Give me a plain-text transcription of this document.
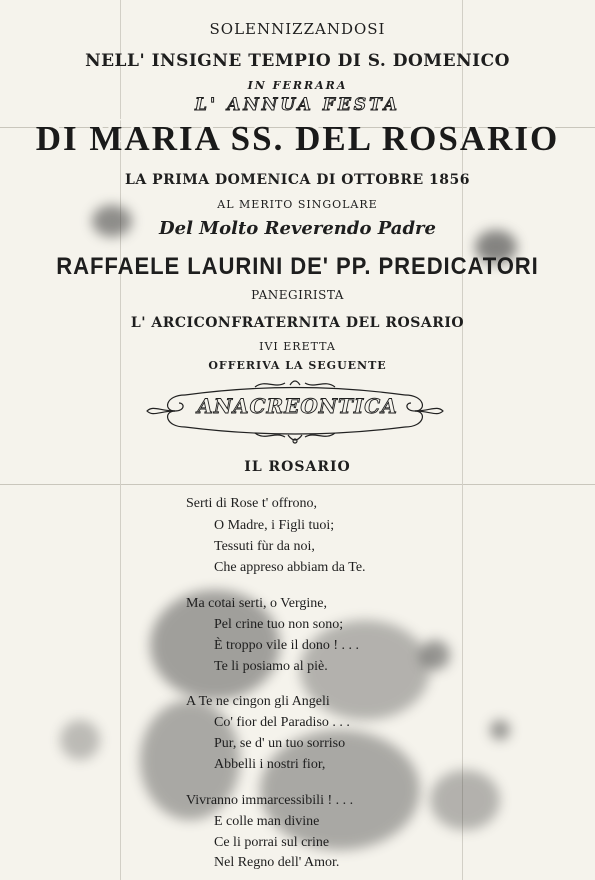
SOLENNIZZANDOSI
NELL' INSIGNE TEMPIO DI S. DOMENICO
IN FERRARA
L' ANNUA FESTA
DI MARIA SS. DEL ROSARIO
LA PRIMA DOMENICA DI OTTOBRE 1856
AL MERITO SINGOLARE
Del Molto Reverendo Padre
RAFFAELE LAURINI DE' PP. PREDICATORI
PANEGIRISTA
L' ARCICONFRATERNITA DEL ROSARIO
IVI ERETTA
OFFERIVA LA SEGUENTE
ANACREONTICA
IL ROSARIO
Serti di Rose t' offrono,
O Madre, i Figli tuoi;
Tessuti fùr da noi,
Che appreso abbiam da Te.
Ma cotai serti, o Vergine,
Pel crine tuo non sono;
È troppo vile il dono ! . . .
Te li posiamo al piè.
A Te ne cingon gli Angeli
Co' fior del Paradiso . . .
Pur, se d' un tuo sorriso
Abbelli i nostri fior,
Vivranno immarcessibili ! . . .
E colle man divine
Ce li porrai sul crine
Nel Regno dell' Amor.
